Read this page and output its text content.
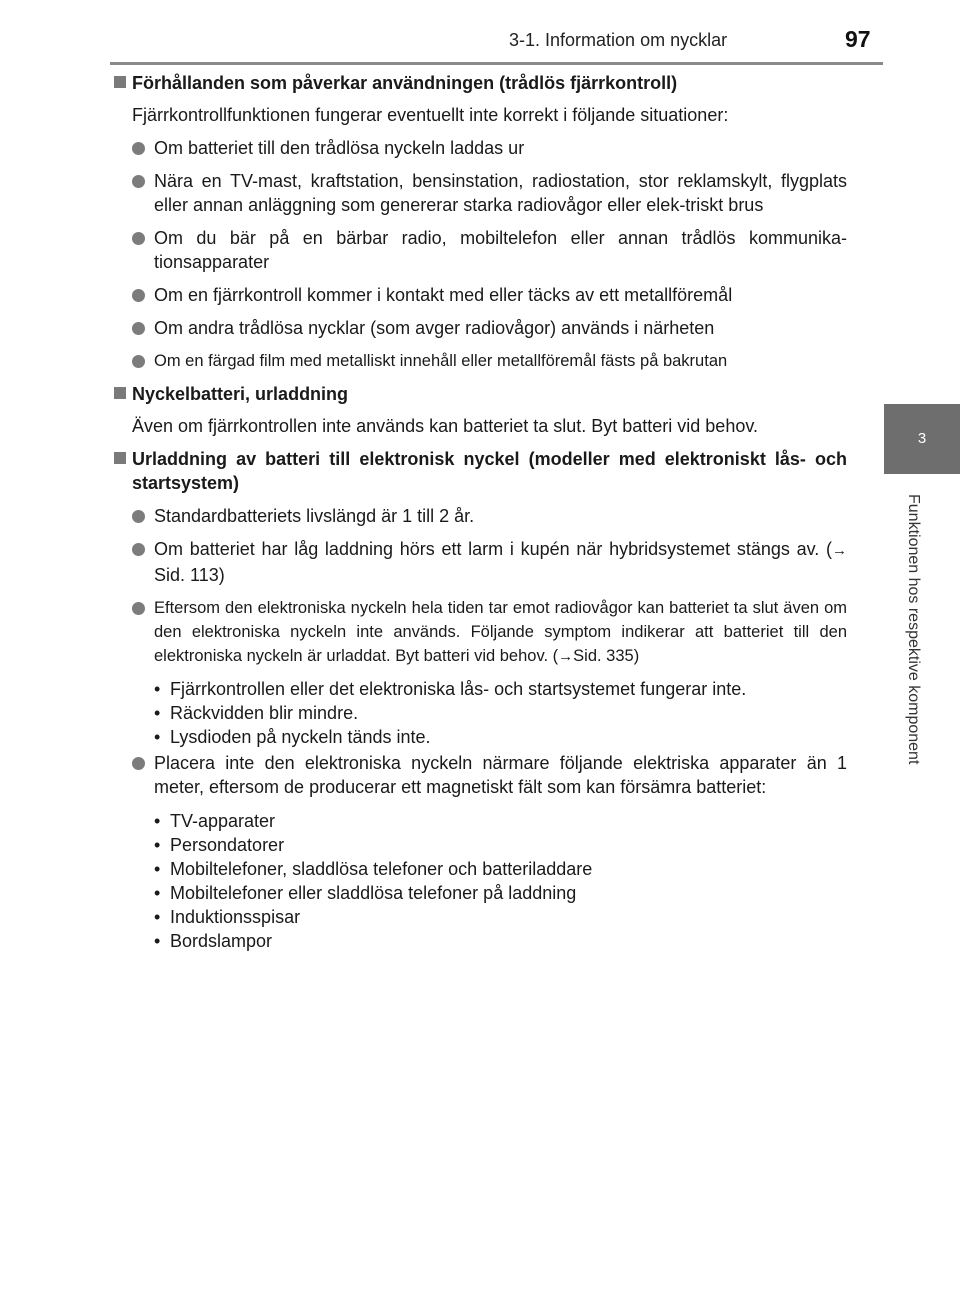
3-1. Information om nycklar	97
3
Funktionen hos respektive komponent
Förhållanden som påverkar användningen (trådlös fjärrkontroll)
Fjärrkontrollfunktionen fungerar eventuellt inte korrekt i följande situationer:
Om batteriet till den trådlösa nyckeln laddas ur
Nära en TV-mast, kraftstation, bensinstation, radiostation, stor reklamskylt, flygplats eller annan anläggning som genererar starka radiovågor eller elek-triskt brus
Om du bär på en bärbar radio, mobiltelefon eller annan trådlös kommunika-tionsapparater
Om en fjärrkontroll kommer i kontakt med eller täcks av ett metallföremål
Om andra trådlösa nycklar (som avger radiovågor) används i närheten
Om en färgad film med metalliskt innehåll eller metallföremål fästs på bakrutan
Nyckelbatteri, urladdning
Även om fjärrkontrollen inte används kan batteriet ta slut. Byt batteri vid behov.
Urladdning av batteri till elektronisk nyckel (modeller med elektroniskt lås- och startsystem)
Standardbatteriets livslängd är 1 till 2 år.
Om batteriet har låg laddning hörs ett larm i kupén när hybridsystemet stängs av. (→Sid. 113)
Eftersom den elektroniska nyckeln hela tiden tar emot radiovågor kan batteriet ta slut även om den elektroniska nyckeln inte används. Följande symptom indikerar att batteriet till den elektroniska nyckeln är urladdat. Byt batteri vid behov. (→Sid. 335)
• Fjärrkontrollen eller det elektroniska lås- och startsystemet fungerar inte.
• Räckvidden blir mindre.
• Lysdioden på nyckeln tänds inte.
Placera inte den elektroniska nyckeln närmare följande elektriska apparater än 1 meter, eftersom de producerar ett magnetiskt fält som kan försämra batteriet:
• TV-apparater
• Persondatorer
• Mobiltelefoner, sladdlösa telefoner och batteriladdare
• Mobiltelefoner eller sladdlösa telefoner på laddning
• Induktionsspisar
• Bordslampor
